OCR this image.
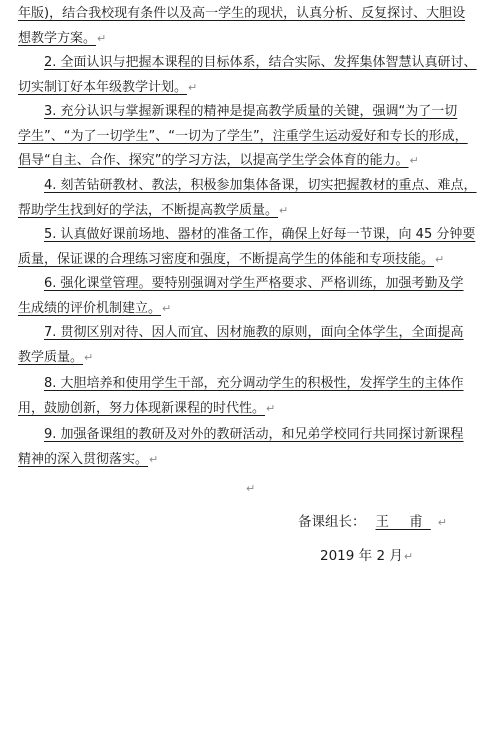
年版)，结合我校现有条件以及高一学生的现状，认真分析、反复探讨、大胆设
想教学方案。↵
2. 全面认识与把握本课程的目标体系，结合实际、发挥集体智慧认真研讨、
切实制订好本年级教学计划。↵
3. 充分认识与掌握新课程的精神是提高教学质量的关键，强调“为了一切
学生”、“为了一切学生”、“一切为了学生”，注重学生运动爱好和专长的形成，
倡导“自主、合作、探究”的学习方法，以提高学生学会体育的能力。↵
4. 刻苦钻研教材、教法，积极参加集体备课，切实把握教材的重点、难点，
帮助学生找到好的学法，不断提高教学质量。↵
5. 认真做好课前场地、器材的准备工作，确保上好每一节课，向 45 分钟要
质量，保证课的合理练习密度和强度，不断提高学生的体能和专项技能。↵
6. 强化课堂管理。要特别强调对学生严格要求、严格训练，加强考勤及学
生成绩的评价机制建立。↵
7. 贯彻区别对待、因人而宜、因材施教的原则，面向全体学生，全面提高
教学质量。↵
8. 大胆培养和使用学生干部，充分调动学生的积极性，发挥学生的主体作
用，鼓励创新，努力体现新课程的时代性。↵
9. 加强备课组的教研及对外的教研活动，和兄弟学校同行共同探讨新课程
精神的深入贯彻落实。↵
↵
备课组长： 王 甫 ↵
2019 年 2 月↵
